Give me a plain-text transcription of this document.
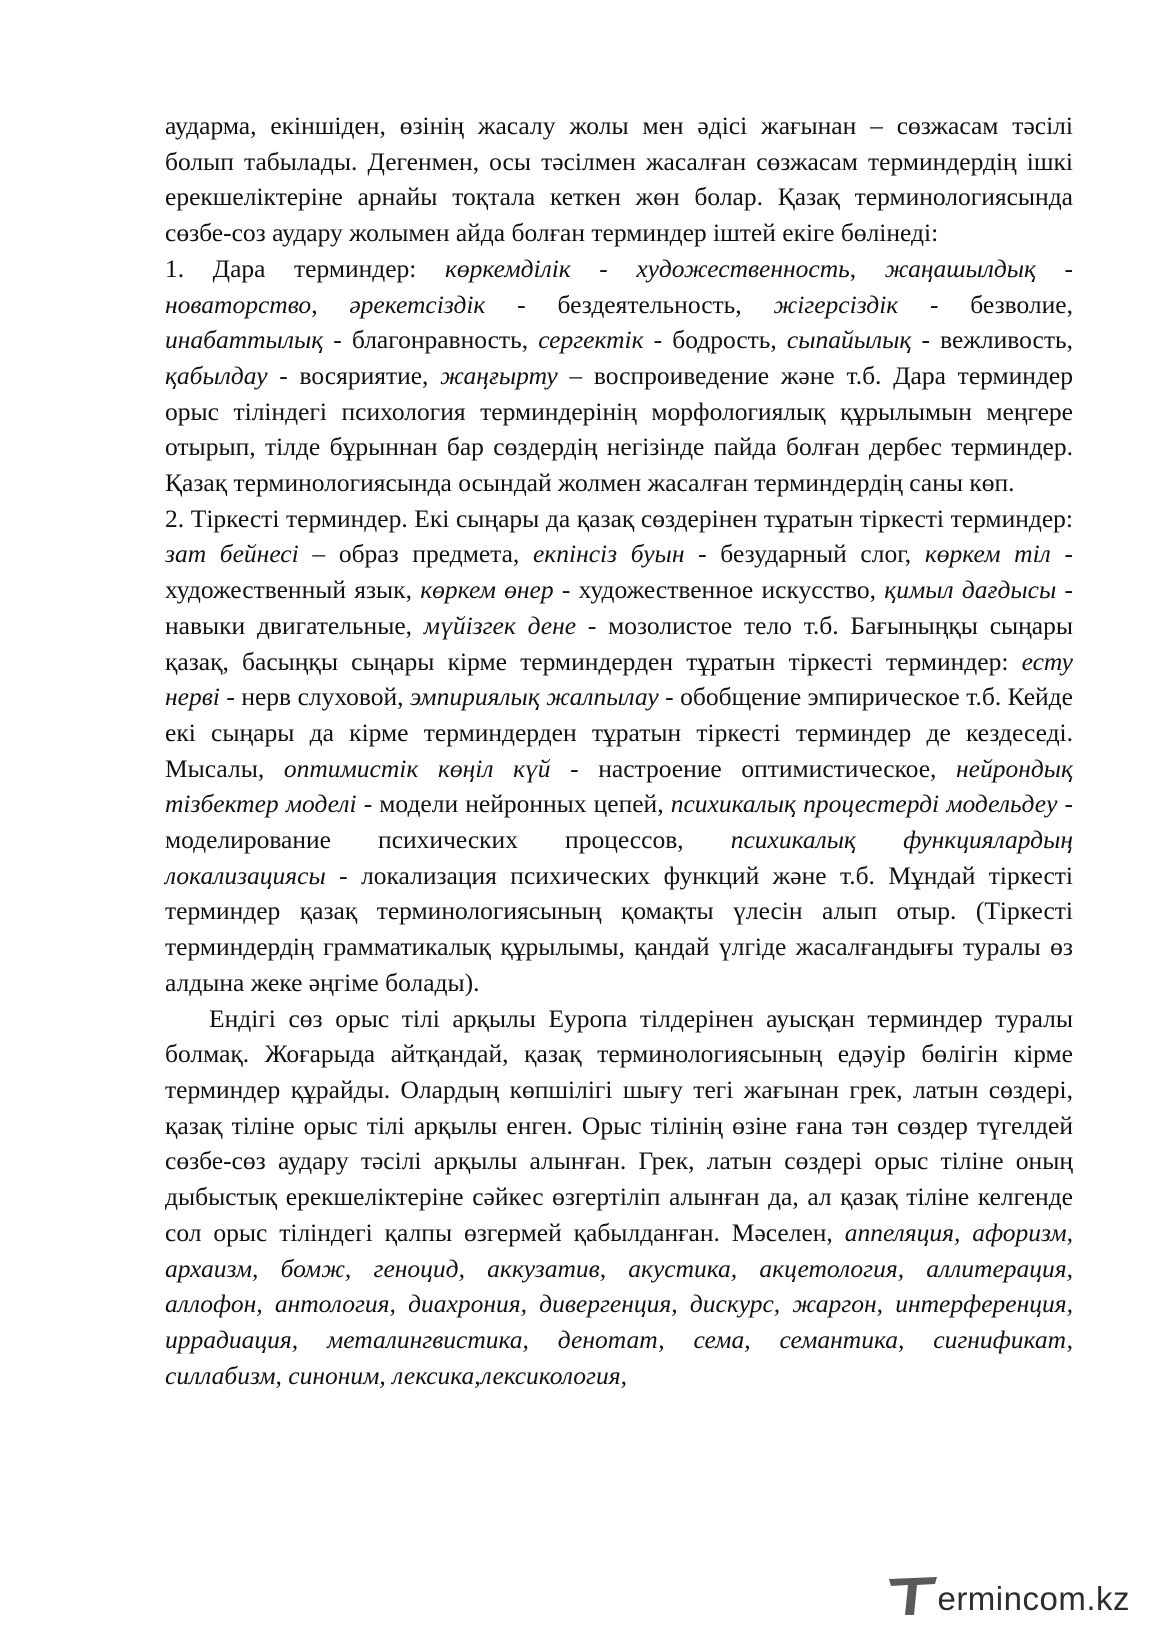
аударма, екіншіден, өзінің жасалу жолы мен әдісі жағынан – сөзжасам тәсілі болып табылады. Дегенмен, осы тәсілмен жасалған сөзжасам терминдердің ішкі ерекшеліктеріне арнайы тоқтала кеткен жөн болар. Қазақ терминологиясында сөзбе-соз аудару жолымен айда болған терминдер іштей екіге бөлінеді:

1. Дара терминдер: көркемділік - художественность, жаңашылдық - новаторство, әрекетсіздік - бездеятельность, жігерсіздік - безволие, инабаттылық - благонравность, сергектік - бодрость, сыпайылық - вежливость, қабылдау - восяриятие, жаңғырту – воспроиведение және т.б. Дара терминдер орыс тіліндегі психология терминдерінің морфологиялық құрылымын меңгере отырып, тілде бұрыннан бар сөздердің негізінде пайда болған дербес терминдер. Қазақ терминологиясында осындай жолмен жасалған терминдердің саны көп.

2. Тіркесті терминдер. Екі сыңары да қазақ сөздерінен тұратын тіркесті терминдер: зат бейнесі – образ предмета, екпінсіз буын - безударный слог, көркем тіл - художественный язык, көркем өнер - художественное искусство, қимыл дағдысы - навыки двигательные, мүйізгек дене - мозолистое тело т.б. Бағыныңқы сыңары қазақ, басыңқы сыңары кірме терминдерден тұратын тіркесті терминдер: есту нерві - нерв слуховой, эмпириялық жалпылау - обобщение эмпирическое т.б. Кейде екі сыңары да кірме терминдерден тұратын тіркесті терминдер де кездеседі. Мысалы, оптимистік көңіл күй - настроение оптимистическое, нейрондық тізбектер моделі - модели нейронных цепей, психикалық процестерді модельдеу - моделирование психических процессов, психикалық функциялардың локализациясы - локализация психических функций және т.б. Мұндай тіркесті терминдер қазақ терминологиясының қомақты үлесін алып отыр. (Тіркесті терминдердің грамматикалық құрылымы, қандай үлгіде жасалғандығы туралы өз алдына жеке әңгіме болады).

Ендігі сөз орыс тілі арқылы Еуропа тілдерінен ауысқан терминдер туралы болмақ. Жоғарыда айтқандай, қазақ терминологиясының едәуір бөлігін кірме терминдер құрайды. Олардың көпшілігі шығу тегі жағынан грек, латын сөздері, қазақ тіліне орыс тілі арқылы енген. Орыс тілінің өзіне ғана тән сөздер түгелдей сөзбе-сөз аудару тәсілі арқылы алынған. Грек, латын сөздері орыс тіліне оның дыбыстық ерекшеліктеріне сәйкес өзгертіліп алынған да, ал қазақ тіліне келгенде сол орыс тіліндегі қалпы өзгермей қабылданған. Мәселен, аппеляция, афоризм, архаизм, бомж, геноцид, аккузатив, акустика, акцетология, аллитерация, аллофон, антология, диахрония, дивергенция, дискурс, жаргон, интерференция, иррадиация, металингвистика, денотат, сема, семантика, сигнификат, силлабизм, синоним, лексика,лексикология,

ermincom.kz
